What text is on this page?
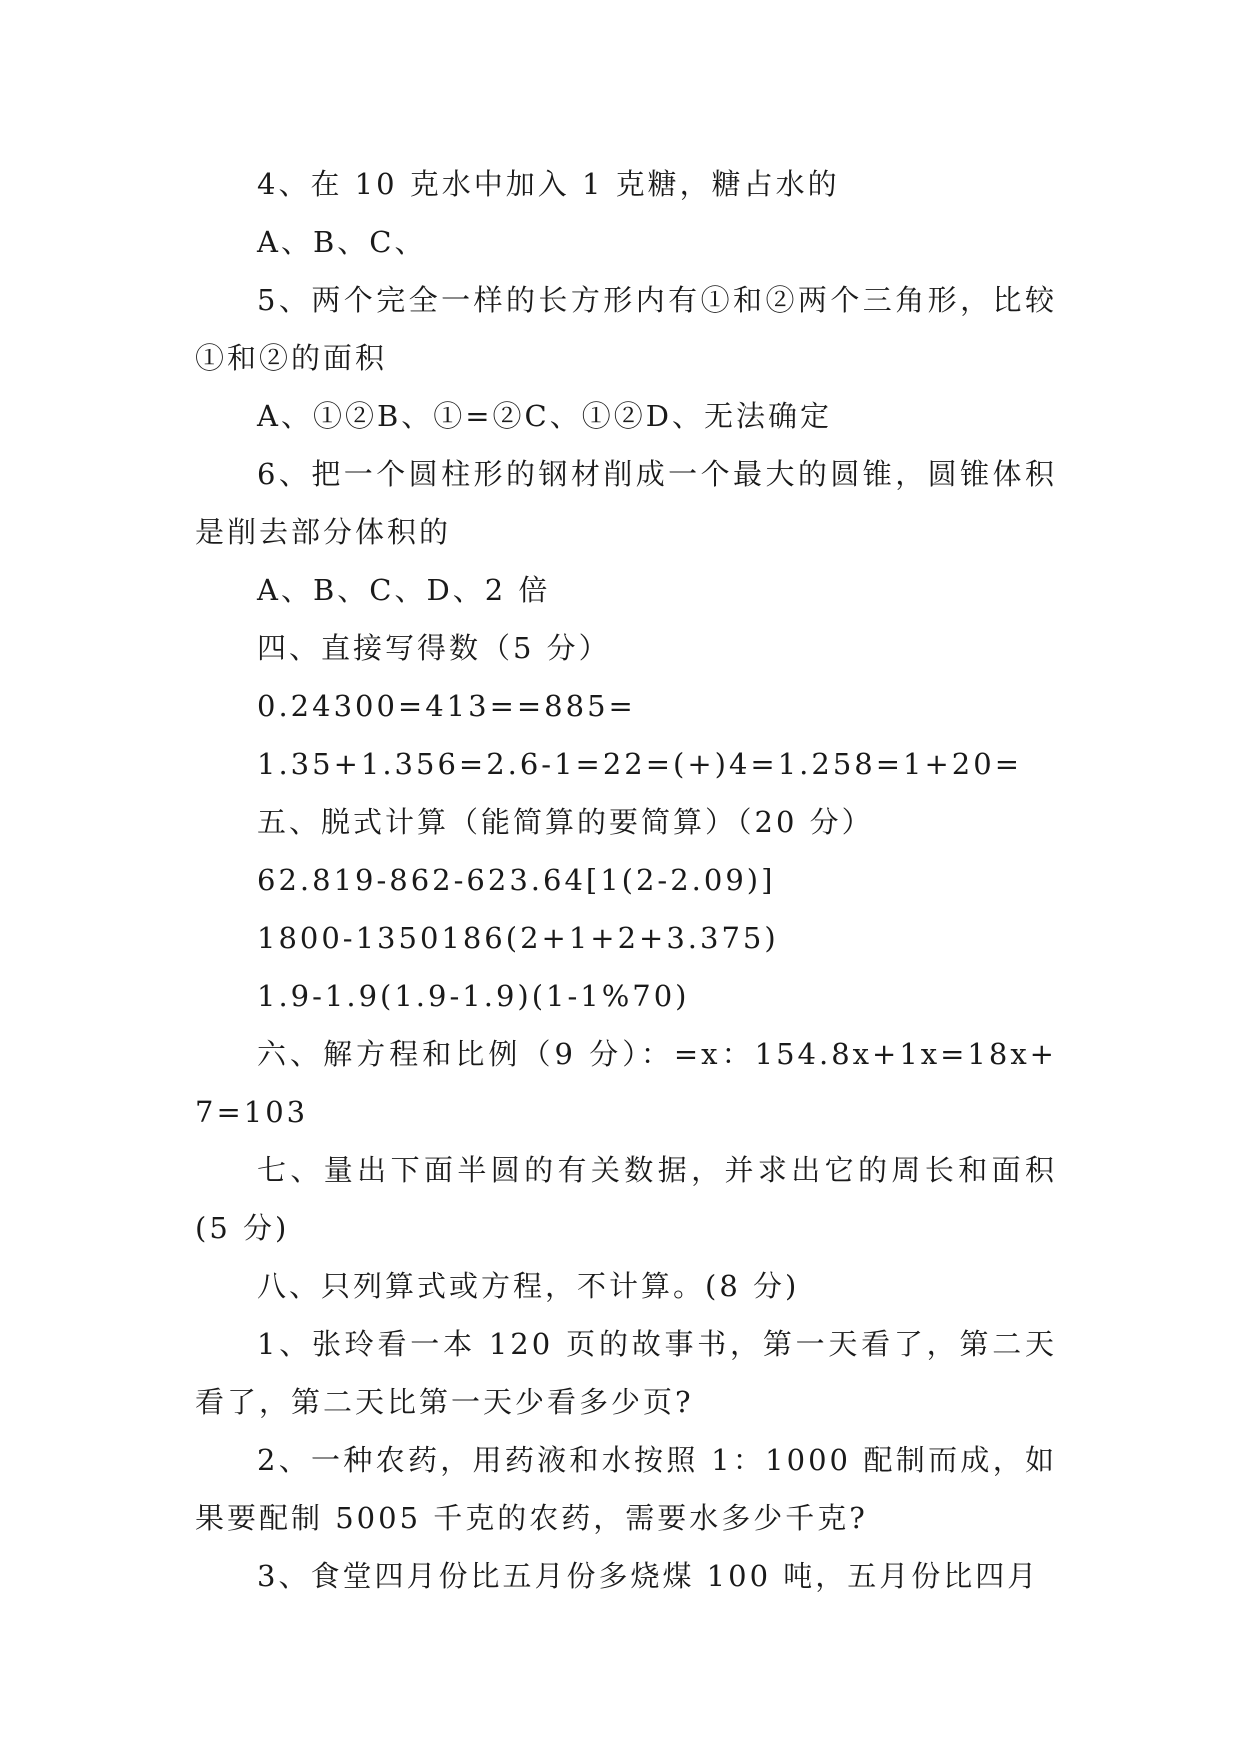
4、在 10 克水中加入 1 克糖，糖占水的

A、B、C、

5、两个完全一样的长方形内有①和②两个三角形，比较①和②的面积

A、①②B、①=②C、①②D、无法确定

6、把一个圆柱形的钢材削成一个最大的圆锥，圆锥体积是削去部分体积的

A、B、C、D、2 倍

四、直接写得数（5 分）

0.24300=413==885=

1.35+1.356=2.6-1=22=(+)4=1.258=1+20=

五、脱式计算（能简算的要简算）（20 分）

62.819-862-623.64[1(2-2.09)]

1800-1350186(2+1+2+3.375)

1.9-1.9(1.9-1.9)(1-1%70)

六、解方程和比例（9 分）：=x：154.8x+1x=18x+7=103

七、量出下面半圆的有关数据，并求出它的周长和面积(5 分)

八、只列算式或方程，不计算。(8 分)

1、张玲看一本 120 页的故事书，第一天看了，第二天看了，第二天比第一天少看多少页?

2、一种农药，用药液和水按照 1：1000 配制而成，如果要配制 5005 千克的农药，需要水多少千克?

3、食堂四月份比五月份多烧煤 100 吨，五月份比四月
